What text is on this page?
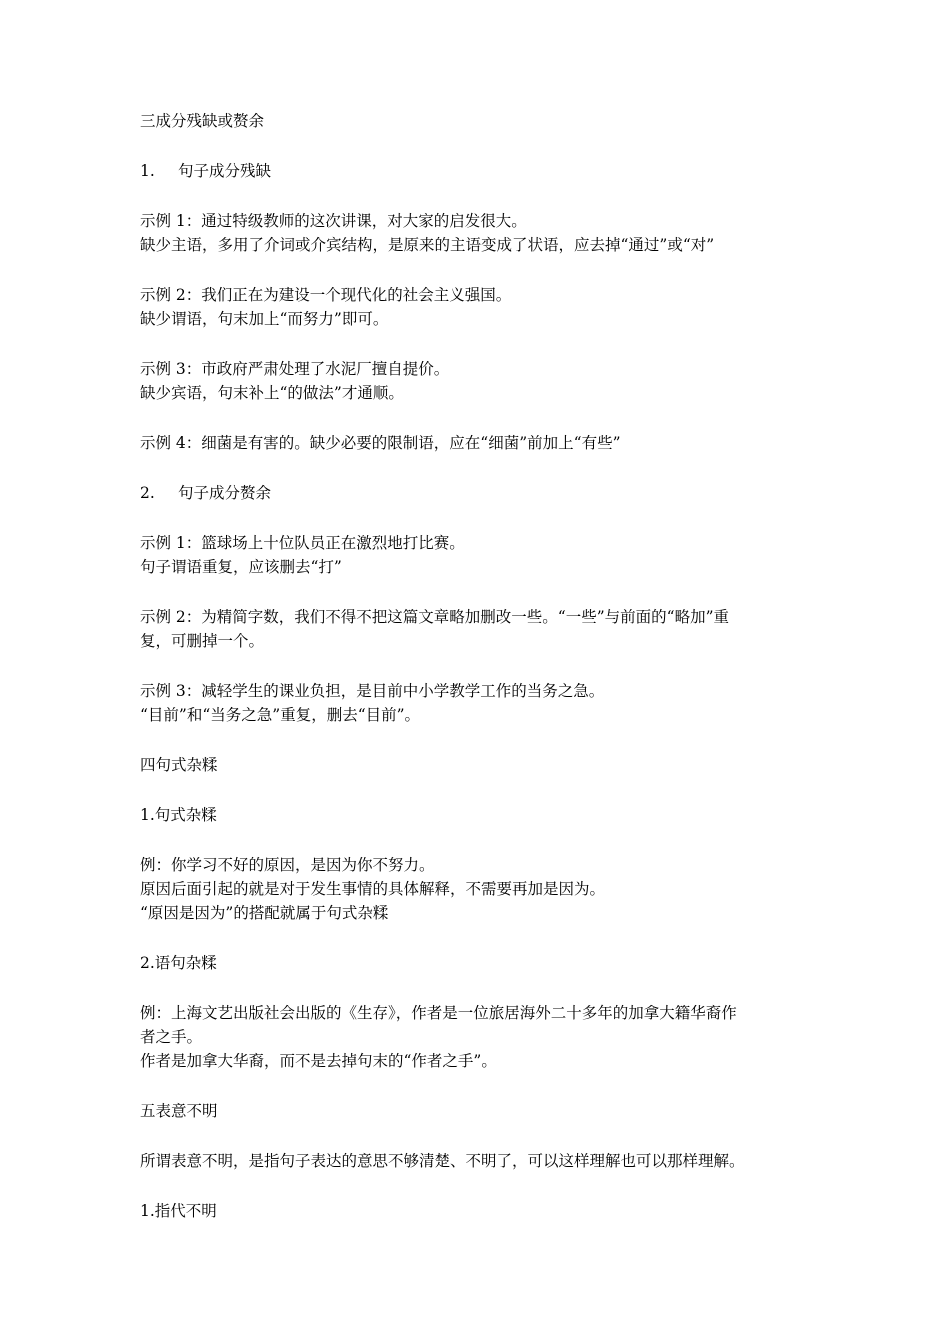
三成分残缺或赘余

1. 句子成分残缺

示例 1：通过特级教师的这次讲课，对大家的启发很大。

缺少主语，多用了介词或介宾结构，是原来的主语变成了状语，应去掉“通过”或“对”

示例 2：我们正在为建设一个现代化的社会主义强国。

缺少谓语，句末加上“而努力”即可。

示例 3：市政府严肃处理了水泥厂擅自提价。

缺少宾语，句末补上“的做法”才通顺。

示例 4：细菌是有害的。缺少必要的限制语，应在“细菌”前加上“有些”

2. 句子成分赘余

示例 1：篮球场上十位队员正在激烈地打比赛。

句子谓语重复，应该删去“打”

示例 2：为精简字数，我们不得不把这篇文章略加删改一些。“一些”与前面的“略加”重

复，可删掉一个。

示例 3：减轻学生的课业负担，是目前中小学教学工作的当务之急。

“目前”和“当务之急”重复，删去“目前”。

四句式杂糅

1.句式杂糅

例：你学习不好的原因，是因为你不努力。

原因后面引起的就是对于发生事情的具体解释，不需要再加是因为。

“原因是因为”的搭配就属于句式杂糅

2.语句杂糅

例：上海文艺出版社会出版的《生存》，作者是一位旅居海外二十多年的加拿大籍华裔作

者之手。

作者是加拿大华裔，而不是去掉句末的“作者之手”。

五表意不明

所谓表意不明，是指句子表达的意思不够清楚、不明了，可以这样理解也可以那样理解。

1.指代不明
